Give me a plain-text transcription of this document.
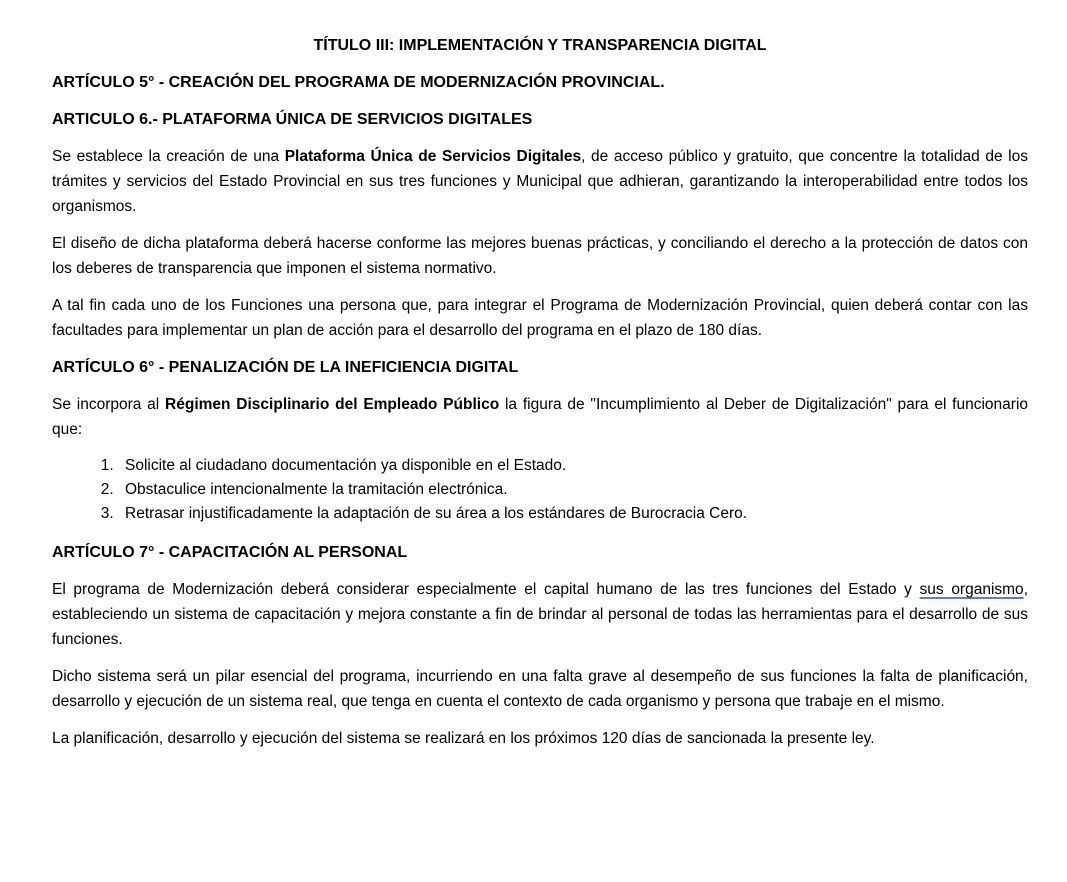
TÍTULO III: IMPLEMENTACIÓN Y TRANSPARENCIA DIGITAL
ARTÍCULO 5° - CREACIÓN DEL PROGRAMA DE MODERNIZACIÓN PROVINCIAL.
ARTICULO 6.- PLATAFORMA ÚNICA DE SERVICIOS DIGITALES

Se establece la creación de una Plataforma Única de Servicios Digitales, de acceso público y gratuito, que concentre la totalidad de los trámites y servicios del Estado Provincial en sus tres funciones y Municipal que adhieran, garantizando la interoperabilidad entre todos los organismos.

El diseño de dicha plataforma deberá hacerse conforme las mejores buenas prácticas, y conciliando el derecho a la protección de datos con los deberes de transparencia que imponen el sistema normativo.

A tal fin cada uno de los Funciones una persona que, para integrar el Programa de Modernización Provincial, quien deberá contar con las facultades para implementar un plan de acción para el desarrollo del programa en el plazo de 180 días.

ARTÍCULO 6° - PENALIZACIÓN DE LA INEFICIENCIA DIGITAL

Se incorpora al Régimen Disciplinario del Empleado Público la figura de "Incumplimiento al Deber de Digitalización" para el funcionario que:

1. Solicite al ciudadano documentación ya disponible en el Estado.
2. Obstaculice intencionalmente la tramitación electrónica.
3. Retrasar injustificadamente la adaptación de su área a los estándares de Burocracia Cero.
ARTÍCULO 7° - CAPACITACIÓN AL PERSONAL

El programa de Modernización deberá considerar especialmente el capital humano de las tres funciones del Estado y sus organismo, estableciendo un sistema de capacitación y mejora constante a fin de brindar al personal de todas las herramientas para el desarrollo de sus funciones.

Dicho sistema será un pilar esencial del programa, incurriendo en una falta grave al desempeño de sus funciones la falta de planificación, desarrollo y ejecución de un sistema real, que tenga en cuenta el contexto de cada organismo y persona que trabaje en el mismo.

La planificación, desarrollo y ejecución del sistema se realizará en los próximos 120 días de sancionada la presente ley.
